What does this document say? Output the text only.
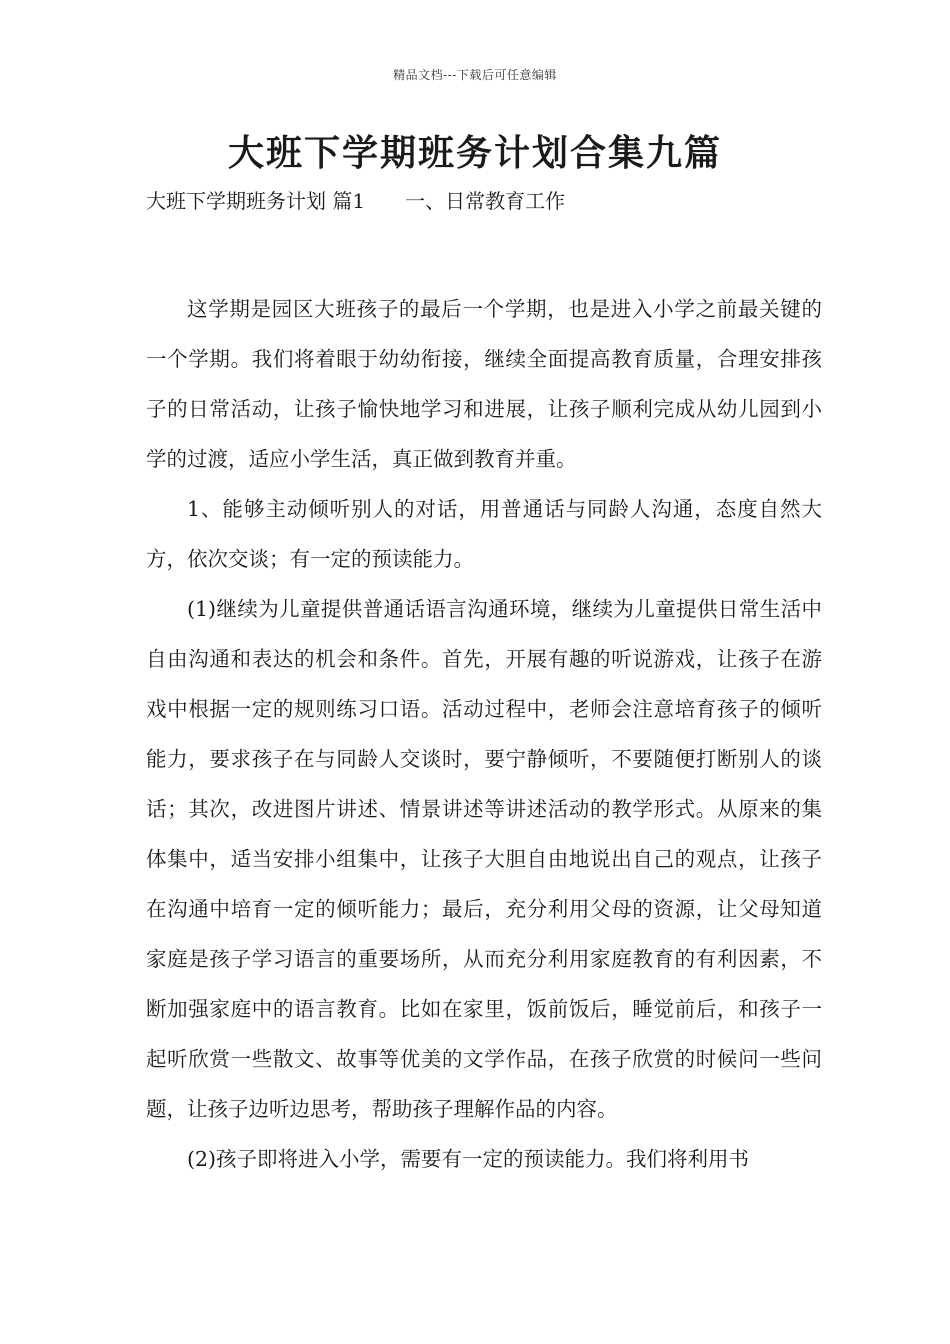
精品文档---下载后可任意编辑
大班下学期班务计划合集九篇
大班下学期班务计划 篇1 一、日常教育工作

这学期是园区大班孩子的最后一个学期，也是进入小学之前最关键的一个学期。我们将着眼于幼幼衔接，继续全面提高教育质量，合理安排孩子的日常活动，让孩子愉快地学习和进展，让孩子顺利完成从幼儿园到小学的过渡，适应小学生活，真正做到教育并重。

1、能够主动倾听别人的对话，用普通话与同龄人沟通，态度自然大方，依次交谈；有一定的预读能力。

(1)继续为儿童提供普通话语言沟通环境，继续为儿童提供日常生活中自由沟通和表达的机会和条件。首先，开展有趣的听说游戏，让孩子在游戏中根据一定的规则练习口语。活动过程中，老师会注意培育孩子的倾听能力，要求孩子在与同龄人交谈时，要宁静倾听，不要随便打断别人的谈话；其次，改进图片讲述、情景讲述等讲述活动的教学形式。从原来的集体集中，适当安排小组集中，让孩子大胆自由地说出自己的观点，让孩子在沟通中培育一定的倾听能力；最后，充分利用父母的资源，让父母知道家庭是孩子学习语言的重要场所，从而充分利用家庭教育的有利因素，不断加强家庭中的语言教育。比如在家里，饭前饭后，睡觉前后，和孩子一起听欣赏一些散文、故事等优美的文学作品，在孩子欣赏的时候问一些问题，让孩子边听边思考，帮助孩子理解作品的内容。

(2)孩子即将进入小学，需要有一定的预读能力。我们将利用书
